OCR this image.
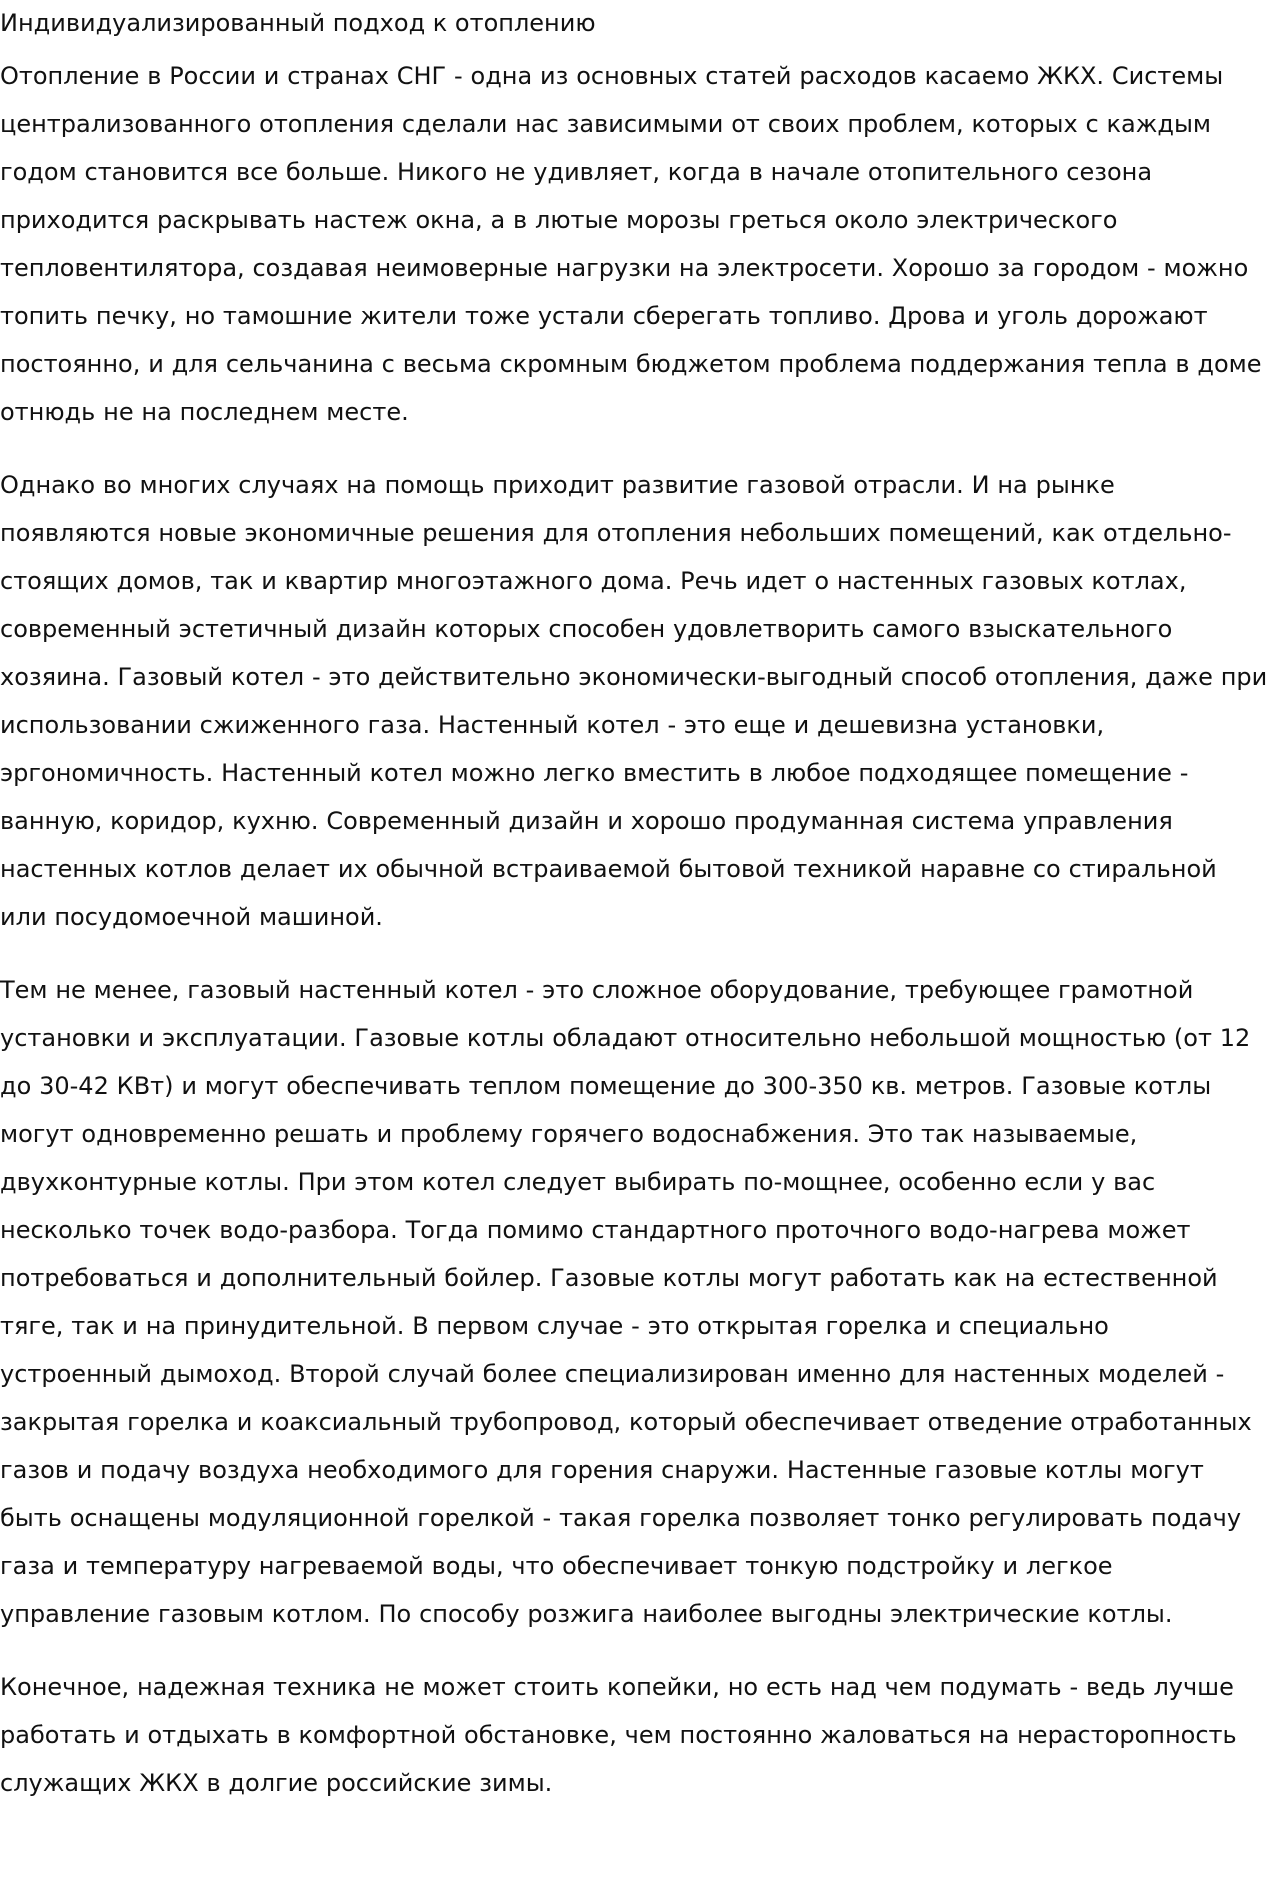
Индивидуализированный подход к отоплению
Отопление в России и странах СНГ - одна из основных статей расходов касаемо ЖКХ. Системы централизованного отопления сделали нас зависимыми от своих проблем, которых с каждым годом становится все больше. Никого не удивляет, когда в начале отопительного сезона приходится раскрывать настеж окна, а в лютые морозы греться около электрического тепловентилятора, создавая неимоверные нагрузки на электросети. Хорошо за городом - можно топить печку, но тамошние жители тоже устали сберегать топливо. Дрова и уголь дорожают постоянно, и для сельчанина с весьма скромным бюджетом проблема поддержания тепла в доме отнюдь не на последнем месте.
Однако во многих случаях на помощь приходит развитие газовой отрасли. И на рынке появляются новые экономичные решения для отопления небольших помещений, как отдельно-стоящих домов, так и квартир многоэтажного дома. Речь идет о настенных газовых котлах, современный эстетичный дизайн которых способен удовлетворить самого взыскательного хозяина. Газовый котел - это действительно экономически-выгодный способ отопления, даже при использовании сжиженного газа. Настенный котел - это еще и дешевизна установки, эргономичность. Настенный котел можно легко вместить в любое подходящее помещение - ванную, коридор, кухню. Современный дизайн и хорошо продуманная система управления настенных котлов делает их обычной встраиваемой бытовой техникой наравне со стиральной или посудомоечной машиной.
Тем не менее, газовый настенный котел - это сложное оборудование, требующее грамотной установки и эксплуатации. Газовые котлы обладают относительно небольшой мощностью (от 12 до 30-42 КВт) и могут обеспечивать теплом помещение до 300-350 кв. метров. Газовые котлы могут одновременно решать и проблему горячего водоснабжения. Это так называемые, двухконтурные котлы. При этом котел следует выбирать по-мощнее, особенно если у вас несколько точек водо-разбора. Тогда помимо стандартного проточного водо-нагрева может потребоваться и дополнительный бойлер. Газовые котлы могут работать как на естественной тяге, так и на принудительной. В первом случае - это открытая горелка и специально устроенный дымоход. Второй случай более специализирован именно для настенных моделей - закрытая горелка и коаксиальный трубопровод, который обеспечивает отведение отработанных газов и подачу воздуха необходимого для горения снаружи. Настенные газовые котлы могут быть оснащены модуляционной горелкой - такая горелка позволяет тонко регулировать подачу газа и температуру нагреваемой воды, что обеспечивает тонкую подстройку и легкое управление газовым котлом. По способу розжига наиболее выгодны электрические котлы.
Конечное, надежная техника не может стоить копейки, но есть над чем подумать - ведь лучше работать и отдыхать в комфортной обстановке, чем постоянно жаловаться на нерасторопность служащих ЖКХ в долгие российские зимы.
